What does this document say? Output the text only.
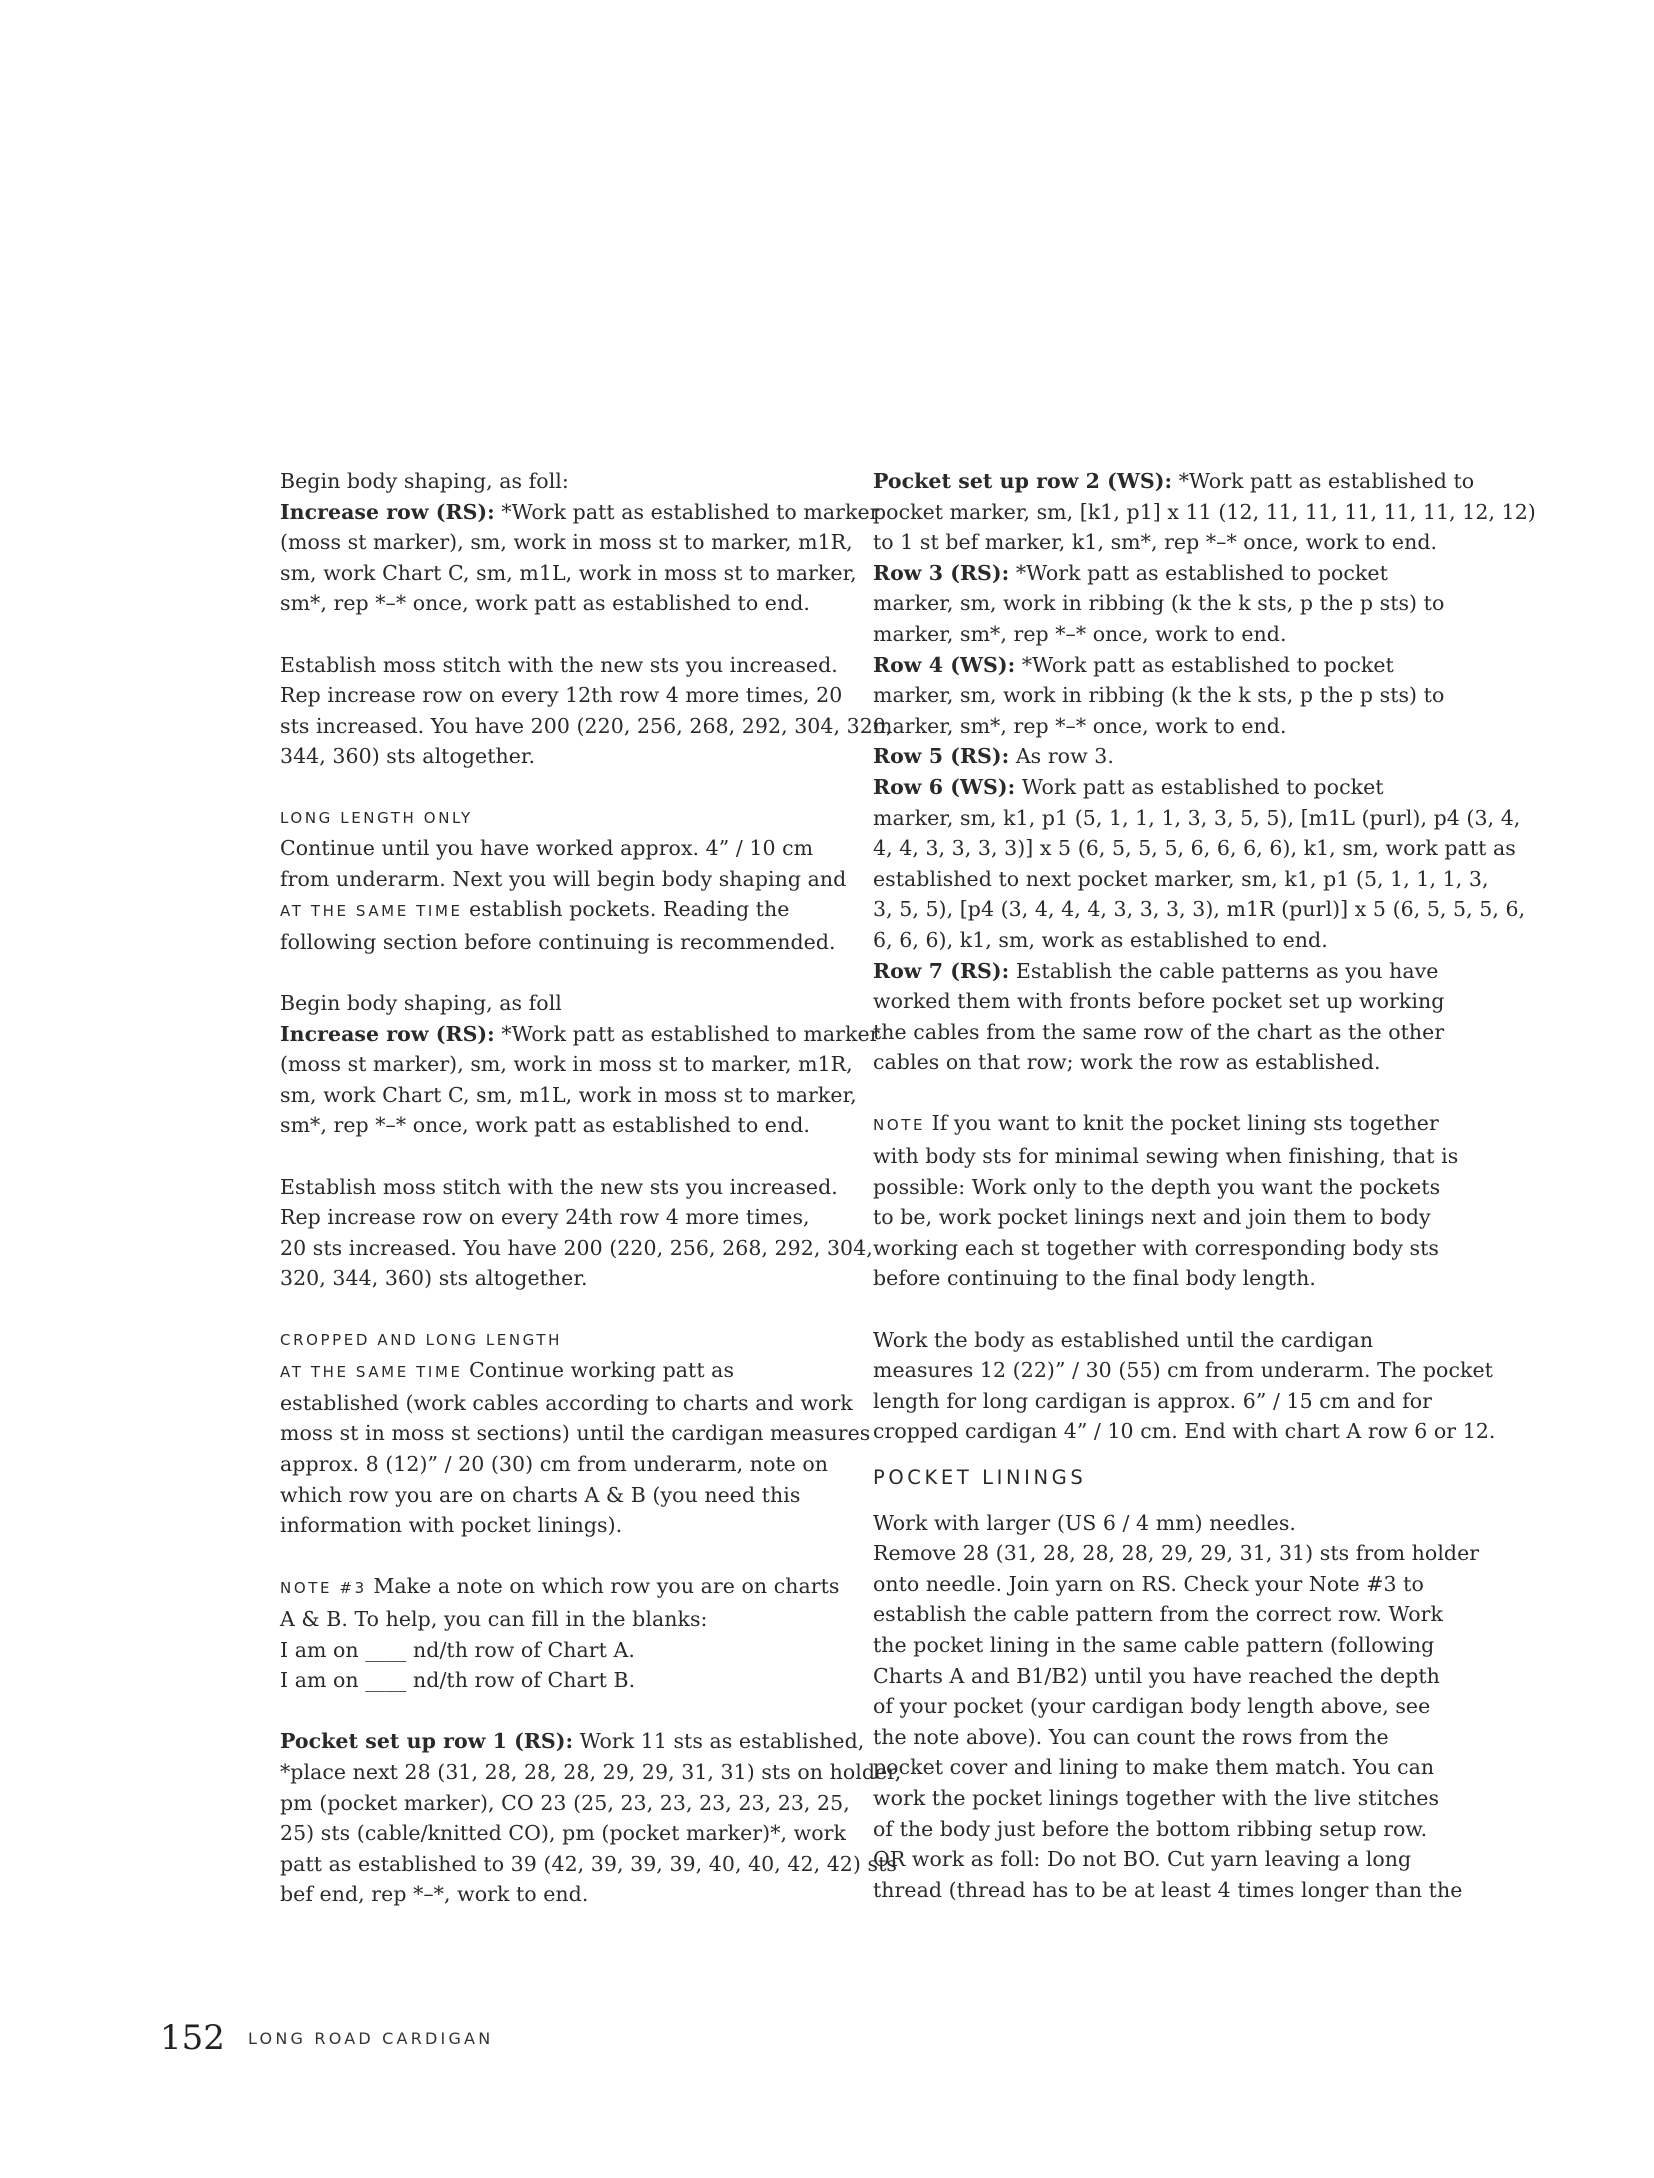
Begin body shaping, as foll:
Increase row (RS): *Work patt as established to marker
(moss st marker), sm, work in moss st to marker, m1R,
sm, work Chart C, sm, m1L, work in moss st to marker,
sm*, rep *–* once, work patt as established to end.
Establish moss stitch with the new sts you increased.
Rep increase row on every 12th row 4 more times, 20
sts increased. You have 200 (220, 256, 268, 292, 304, 320,
344, 360) sts altogether.
LONG LENGTH ONLY
Continue until you have worked approx. 4” / 10 cm
from underarm. Next you will begin body shaping and
AT THE SAME TIME establish pockets. Reading the
following section before continuing is recommended.
Begin body shaping, as foll
Increase row (RS): *Work patt as established to marker
(moss st marker), sm, work in moss st to marker, m1R,
sm, work Chart C, sm, m1L, work in moss st to marker,
sm*, rep *–* once, work patt as established to end.
Establish moss stitch with the new sts you increased.
Rep increase row on every 24th row 4 more times,
20 sts increased. You have 200 (220, 256, 268, 292, 304,
320, 344, 360) sts altogether.
CROPPED AND LONG LENGTH
AT THE SAME TIME Continue working patt as
established (work cables according to charts and work
moss st in moss st sections) until the cardigan measures
approx. 8 (12)” / 20 (30) cm from underarm, note on
which row you are on charts A & B (you need this
information with pocket linings).
NOTE #3 Make a note on which row you are on charts
A & B. To help, you can fill in the blanks:
I am on ____ nd/th row of Chart A.
I am on ____ nd/th row of Chart B.
Pocket set up row 1 (RS): Work 11 sts as established,
*place next 28 (31, 28, 28, 28, 29, 29, 31, 31) sts on holder,
pm (pocket marker), CO 23 (25, 23, 23, 23, 23, 23, 25,
25) sts (cable/knitted CO), pm (pocket marker)*, work
patt as established to 39 (42, 39, 39, 39, 40, 40, 42, 42) sts
bef end, rep *–*, work to end.
Pocket set up row 2 (WS): *Work patt as established to
pocket marker, sm, [k1, p1] x 11 (12, 11, 11, 11, 11, 11, 12, 12)
to 1 st bef marker, k1, sm*, rep *–* once, work to end.
Row 3 (RS): *Work patt as established to pocket
marker, sm, work in ribbing (k the k sts, p the p sts) to
marker, sm*, rep *–* once, work to end.
Row 4 (WS): *Work patt as established to pocket
marker, sm, work in ribbing (k the k sts, p the p sts) to
marker, sm*, rep *–* once, work to end.
Row 5 (RS): As row 3.
Row 6 (WS): Work patt as established to pocket
marker, sm, k1, p1 (5, 1, 1, 1, 3, 3, 5, 5), [m1L (purl), p4 (3, 4,
4, 4, 3, 3, 3, 3)] x 5 (6, 5, 5, 5, 6, 6, 6, 6), k1, sm, work patt as
established to next pocket marker, sm, k1, p1 (5, 1, 1, 1, 3,
3, 5, 5), [p4 (3, 4, 4, 4, 3, 3, 3, 3), m1R (purl)] x 5 (6, 5, 5, 5, 6,
6, 6, 6), k1, sm, work as established to end.
Row 7 (RS): Establish the cable patterns as you have
worked them with fronts before pocket set up working
the cables from the same row of the chart as the other
cables on that row; work the row as established.
NOTE If you want to knit the pocket lining sts together
with body sts for minimal sewing when finishing, that is
possible: Work only to the depth you want the pockets
to be, work pocket linings next and join them to body
working each st together with corresponding body sts
before continuing to the final body length.
Work the body as established until the cardigan
measures 12 (22)” / 30 (55) cm from underarm. The pocket
length for long cardigan is approx. 6” / 15 cm and for
cropped cardigan 4” / 10 cm. End with chart A row 6 or 12.
POCKET LININGS
Work with larger (US 6 / 4 mm) needles.
Remove 28 (31, 28, 28, 28, 29, 29, 31, 31) sts from holder
onto needle. Join yarn on RS. Check your Note #3 to
establish the cable pattern from the correct row. Work
the pocket lining in the same cable pattern (following
Charts A and B1/B2) until you have reached the depth
of your pocket (your cardigan body length above, see
the note above). You can count the rows from the
pocket cover and lining to make them match. You can
work the pocket linings together with the live stitches
of the body just before the bottom ribbing setup row.
OR work as foll: Do not BO. Cut yarn leaving a long
thread (thread has to be at least 4 times longer than the
152 LONG ROAD CARDIGAN
